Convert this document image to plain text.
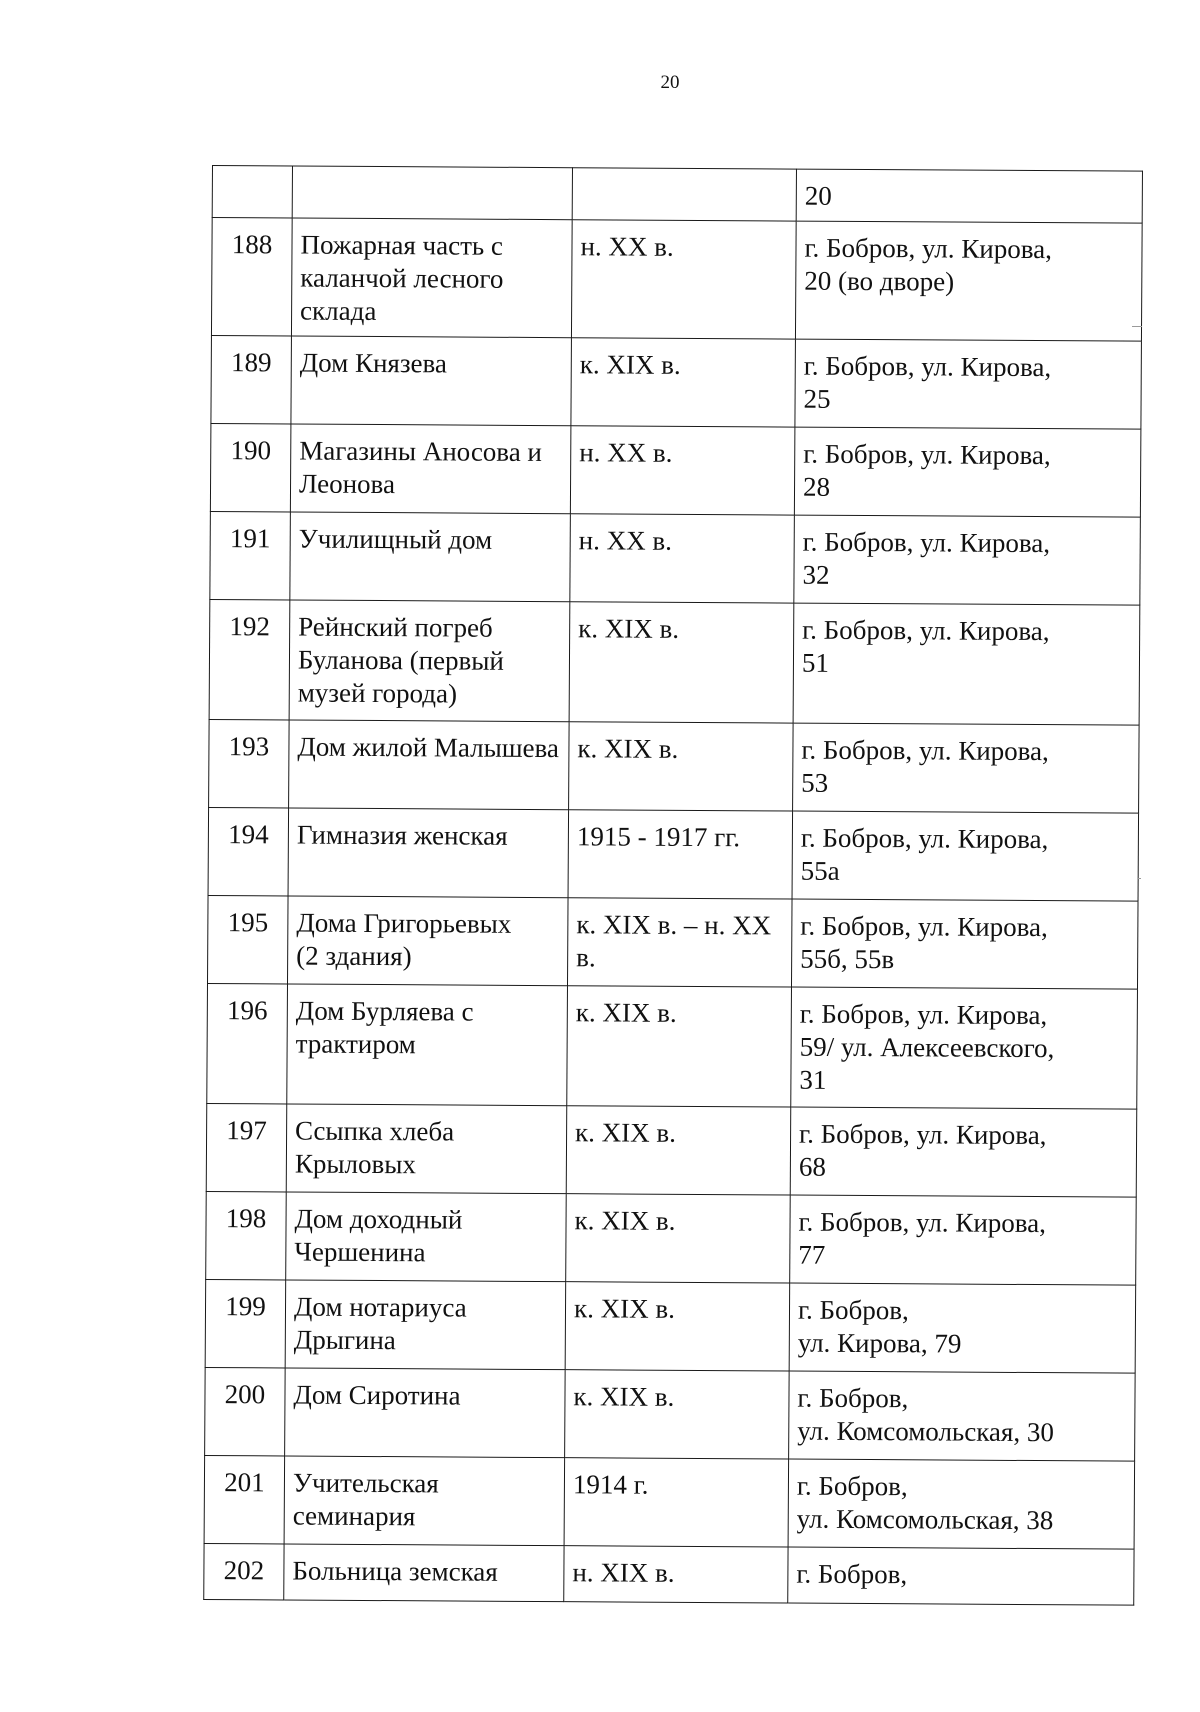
20
			20
188	Пожарная часть с
каланчой лесного
склада	н. XX в.	г. Бобров, ул. Кирова,
20 (во дворе)
189	Дом Князева	к. XIX в.	г. Бобров, ул. Кирова,
25
190	Магазины Аносова и
Леонова	н. XX в.	г. Бобров, ул. Кирова,
28
191	Училищный дом	н. XX в.	г. Бобров, ул. Кирова,
32
192	Рейнский погреб
Буланова (первый
музей города)	к. XIX в.	г. Бобров, ул. Кирова,
51
193	Дом жилой Малышева	к. XIX в.	г. Бобров, ул. Кирова,
53
194	Гимназия женская	1915 - 1917 гг.	г. Бобров, ул. Кирова,
55а
195	Дома Григорьевых
(2 здания)	к. XIX в. – н. XX
в.	г. Бобров, ул. Кирова,
55б, 55в
196	Дом Бурляева с
трактиром	к. XIX в.	г. Бобров, ул. Кирова,
59/ ул. Алексеевского,
31
197	Ссыпка хлеба
Крыловых	к. XIX в.	г. Бобров, ул. Кирова,
68
198	Дом доходный
Чершенина	к. XIX в.	г. Бобров, ул. Кирова,
77
199	Дом нотариуса
Дрыгина	к. XIX в.	г. Бобров,
ул. Кирова, 79
200	Дом Сиротина	к. XIX в.	г. Бобров,
ул. Комсомольская, 30
201	Учительская
семинария	1914 г.	г. Бобров,
ул. Комсомольская, 38
202	Больница земская	н. XIX в.	г. Бобров,
